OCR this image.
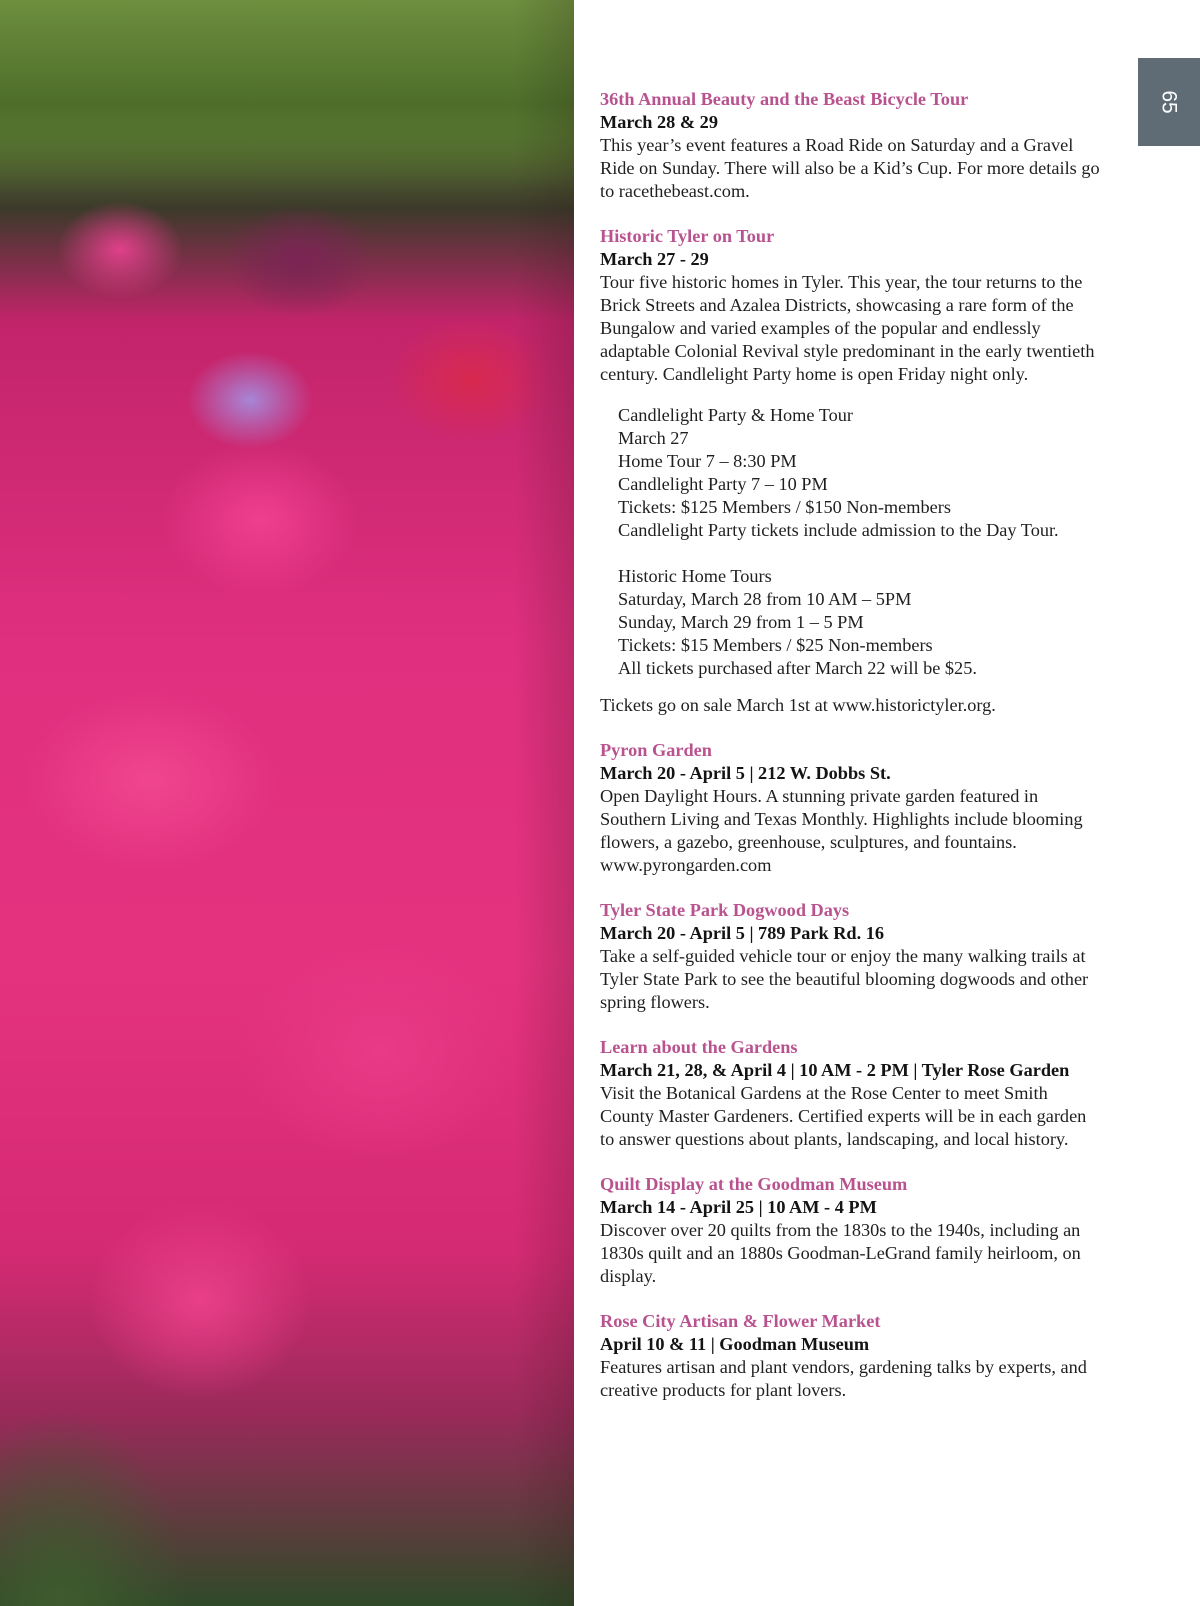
65

36th Annual Beauty and the Beast Bicycle Tour

March 28 & 29

This year’s event features a Road Ride on Saturday and a Gravel Ride on Sunday. There will also be a Kid’s Cup. For more details go to racethebeast.com.

Historic Tyler on Tour

March 27 - 29

Tour five historic homes in Tyler. This year, the tour returns to the Brick Streets and Azalea Districts, showcasing a rare form of the Bungalow and varied examples of the popular and endlessly adaptable Colonial Revival style predominant in the early twentieth century. Candlelight Party home is open Friday night only.

Candlelight Party & Home Tour

March 27

Home Tour 7 – 8:30 PM

Candlelight Party 7 – 10 PM

Tickets: $125 Members / $150 Non-members

Candlelight Party tickets include admission to the Day Tour.

Historic Home Tours

Saturday, March 28 from 10 AM – 5PM

Sunday, March 29 from 1 – 5 PM

Tickets: $15 Members / $25 Non-members

All tickets purchased after March 22 will be $25.

Tickets go on sale March 1st at www.historictyler.org.

Pyron Garden

March 20 - April 5 | 212 W. Dobbs St.

Open Daylight Hours. A stunning private garden featured in Southern Living and Texas Monthly. Highlights include blooming flowers, a gazebo, greenhouse, sculptures, and fountains.

www.pyrongarden.com

Tyler State Park Dogwood Days

March 20 - April 5 | 789 Park Rd. 16

Take a self-guided vehicle tour or enjoy the many walking trails at Tyler State Park to see the beautiful blooming dogwoods and other spring flowers.

Learn about the Gardens

March 21, 28, & April 4 | 10 AM - 2 PM | Tyler Rose Garden

Visit the Botanical Gardens at the Rose Center to meet Smith County Master Gardeners. Certified experts will be in each garden to answer questions about plants, landscaping, and local history.

Quilt Display at the Goodman Museum

March 14 - April 25 | 10 AM - 4 PM

Discover over 20 quilts from the 1830s to the 1940s, including an 1830s quilt and an 1880s Goodman-LeGrand family heirloom, on display.

Rose City Artisan & Flower Market

April 10 & 11 | Goodman Museum

Features artisan and plant vendors, gardening talks by experts, and creative products for plant lovers.
